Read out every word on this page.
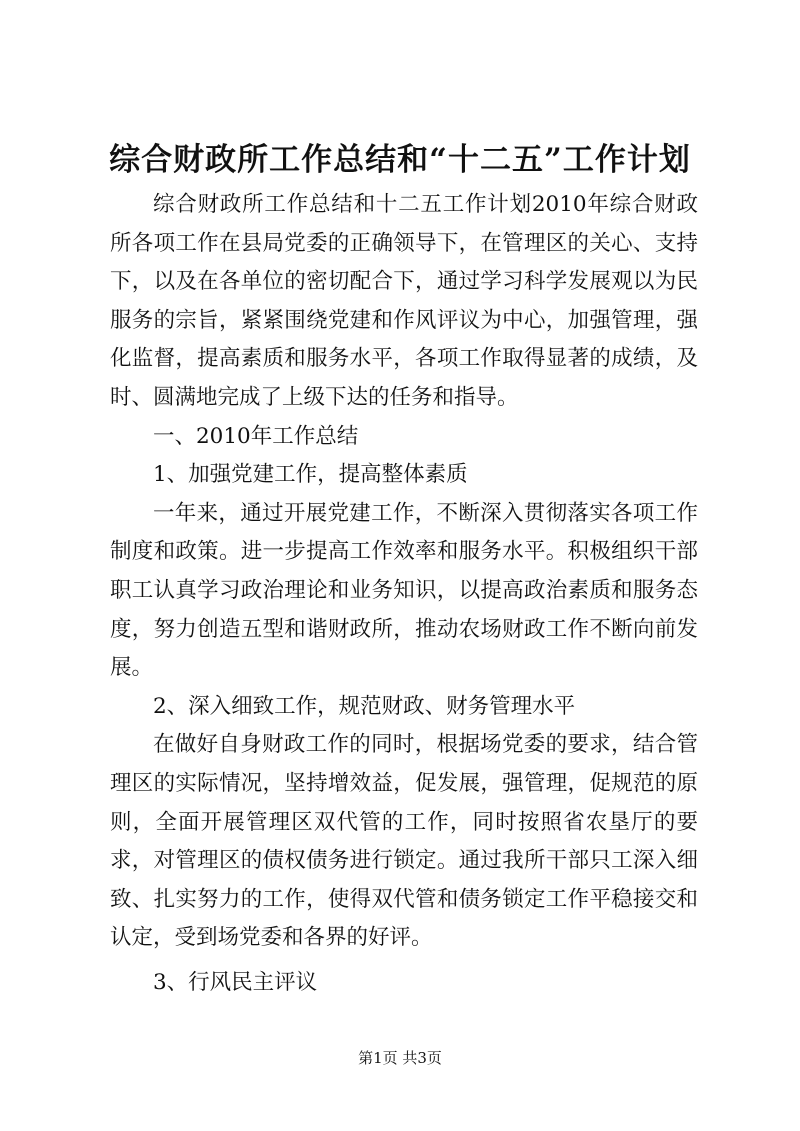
综合财政所工作总结和“十二五”工作计划

综合财政所工作总结和十二五工作计划2010年综合财政所各项工作在县局党委的正确领导下，在管理区的关心、支持下，以及在各单位的密切配合下，通过学习科学发展观以为民服务的宗旨，紧紧围绕党建和作风评议为中心，加强管理，强化监督，提高素质和服务水平，各项工作取得显著的成绩，及时、圆满地完成了上级下达的任务和指导。

一、2010年工作总结

1、加强党建工作，提高整体素质

一年来，通过开展党建工作，不断深入贯彻落实各项工作制度和政策。进一步提高工作效率和服务水平。积极组织干部职工认真学习政治理论和业务知识，以提高政治素质和服务态度，努力创造五型和谐财政所，推动农场财政工作不断向前发展。

2、深入细致工作，规范财政、财务管理水平

在做好自身财政工作的同时，根据场党委的要求，结合管理区的实际情况，坚持增效益，促发展，强管理，促规范的原则，全面开展管理区双代管的工作，同时按照省农垦厅的要求，对管理区的债权债务进行锁定。通过我所干部只工深入细致、扎实努力的工作，使得双代管和债务锁定工作平稳接交和认定，受到场党委和各界的好评。

3、行风民主评议

第1页 共3页
